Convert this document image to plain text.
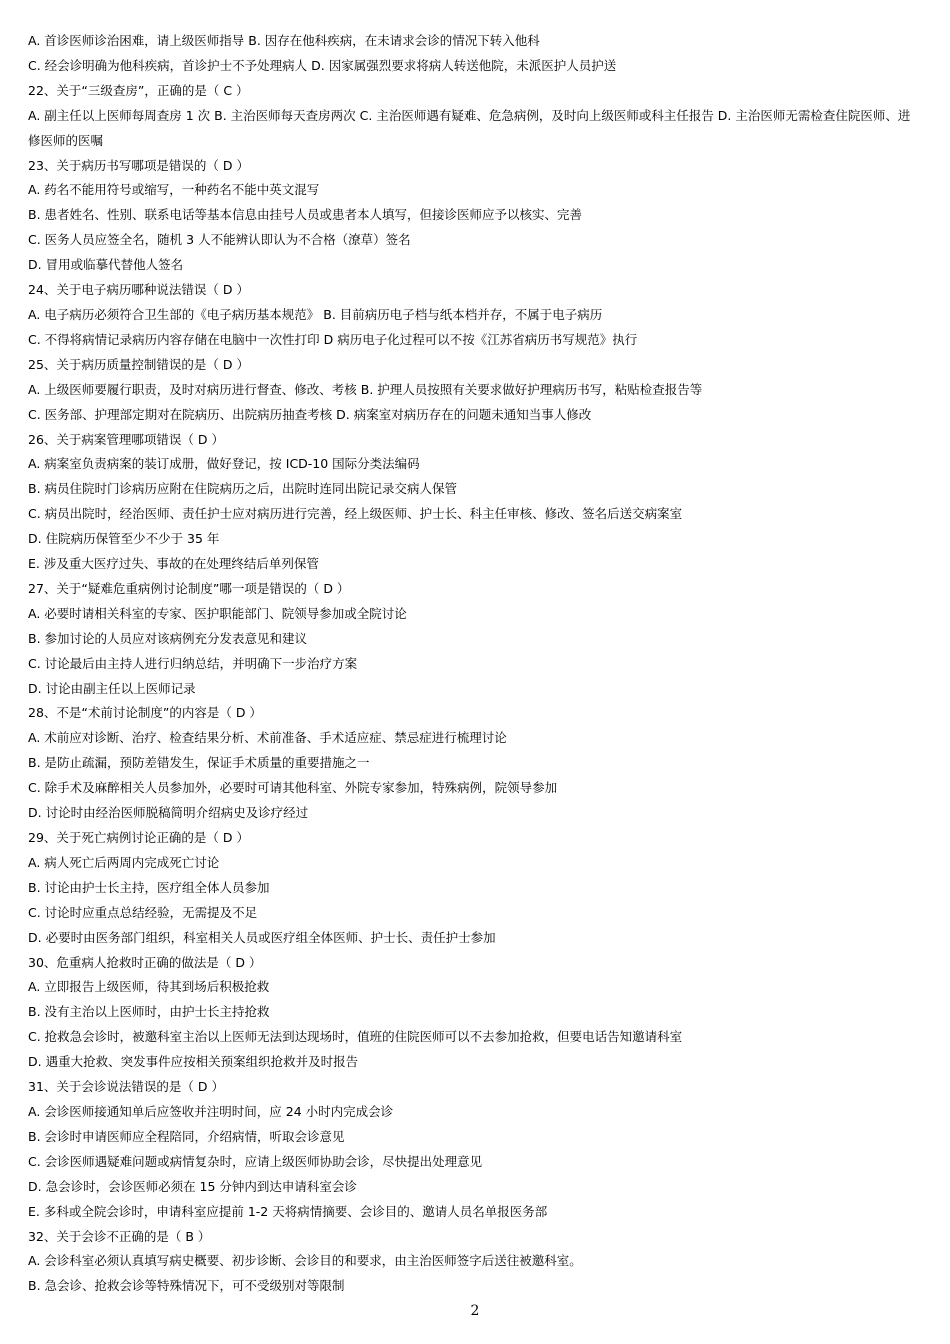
A. 首诊医师诊治困难，请上级医师指导 B. 因存在他科疾病，在未请求会诊的情况下转入他科
C. 经会诊明确为他科疾病，首诊护士不予处理病人 D. 因家属强烈要求将病人转送他院，未派医护人员护送
22、关于“三级查房”，正确的是（ C ）
A. 副主任以上医师每周查房 1 次 B. 主治医师每天查房两次 C. 主治医师遇有疑难、危急病例，及时向上级医师或科主任报告 D. 主治医师无需检查住院医师、进修医师的医嘱
23、关于病历书写哪项是错误的（ D ）
A. 药名不能用符号或缩写，一种药名不能中英文混写
B. 患者姓名、性别、联系电话等基本信息由挂号人员或患者本人填写，但接诊医师应予以核实、完善
C. 医务人员应签全名，随机 3 人不能辨认即认为不合格（潦草）签名
D. 冒用或临摹代替他人签名
24、关于电子病历哪种说法错误（ D ）
A. 电子病历必须符合卫生部的《电子病历基本规范》 B. 目前病历电子档与纸本档并存，不属于电子病历
C. 不得将病情记录病历内容存储在电脑中一次性打印 D 病历电子化过程可以不按《江苏省病历书写规范》执行
25、关于病历质量控制错误的是（ D ）
A. 上级医师要履行职责，及时对病历进行督查、修改、考核 B. 护理人员按照有关要求做好护理病历书写，粘贴检查报告等
C. 医务部、护理部定期对在院病历、出院病历抽查考核 D. 病案室对病历存在的问题未通知当事人修改
26、关于病案管理哪项错误（ D ）
A. 病案室负责病案的装订成册，做好登记，按 ICD-10 国际分类法编码
B. 病员住院时门诊病历应附在住院病历之后，出院时连同出院记录交病人保管
C. 病员出院时，经治医师、责任护士应对病历进行完善，经上级医师、护士长、科主任审核、修改、签名后送交病案室
D. 住院病历保管至少不少于 35 年
E. 涉及重大医疗过失、事故的在处理终结后单列保管
27、关于“疑难危重病例讨论制度”哪一项是错误的（ D ）
A. 必要时请相关科室的专家、医护职能部门、院领导参加或全院讨论
B. 参加讨论的人员应对该病例充分发表意见和建议
C. 讨论最后由主持人进行归纳总结，并明确下一步治疗方案
D. 讨论由副主任以上医师记录
28、不是“术前讨论制度”的内容是（ D ）
A. 术前应对诊断、治疗、检查结果分析、术前准备、手术适应症、禁忌症进行梳理讨论
B. 是防止疏漏，预防差错发生，保证手术质量的重要措施之一
C. 除手术及麻醉相关人员参加外，必要时可请其他科室、外院专家参加，特殊病例，院领导参加
D. 讨论时由经治医师脱稿简明介绍病史及诊疗经过
29、关于死亡病例讨论正确的是（ D ）
A. 病人死亡后两周内完成死亡讨论
B. 讨论由护士长主持，医疗组全体人员参加
C. 讨论时应重点总结经验，无需提及不足
D. 必要时由医务部门组织，科室相关人员或医疗组全体医师、护士长、责任护士参加
30、危重病人抢救时正确的做法是（ D ）
A. 立即报告上级医师，待其到场后积极抢救
B. 没有主治以上医师时，由护士长主持抢救
C. 抢救急会诊时，被邀科室主治以上医师无法到达现场时，值班的住院医师可以不去参加抢救，但要电话告知邀请科室
D. 遇重大抢救、突发事件应按相关预案组织抢救并及时报告
31、关于会诊说法错误的是（ D ）
A. 会诊医师接通知单后应签收并注明时间，应 24 小时内完成会诊
B. 会诊时申请医师应全程陪同，介绍病情，听取会诊意见
C. 会诊医师遇疑难问题或病情复杂时，应请上级医师协助会诊，尽快提出处理意见
D. 急会诊时，会诊医师必须在 15 分钟内到达申请科室会诊
E. 多科或全院会诊时，申请科室应提前 1-2 天将病情摘要、会诊目的、邀请人员名单报医务部
32、关于会诊不正确的是（ B ）
A. 会诊科室必须认真填写病史概要、初步诊断、会诊目的和要求，由主治医师签字后送往被邀科室。
B. 急会诊、抢救会诊等特殊情况下，可不受级别对等限制
2
